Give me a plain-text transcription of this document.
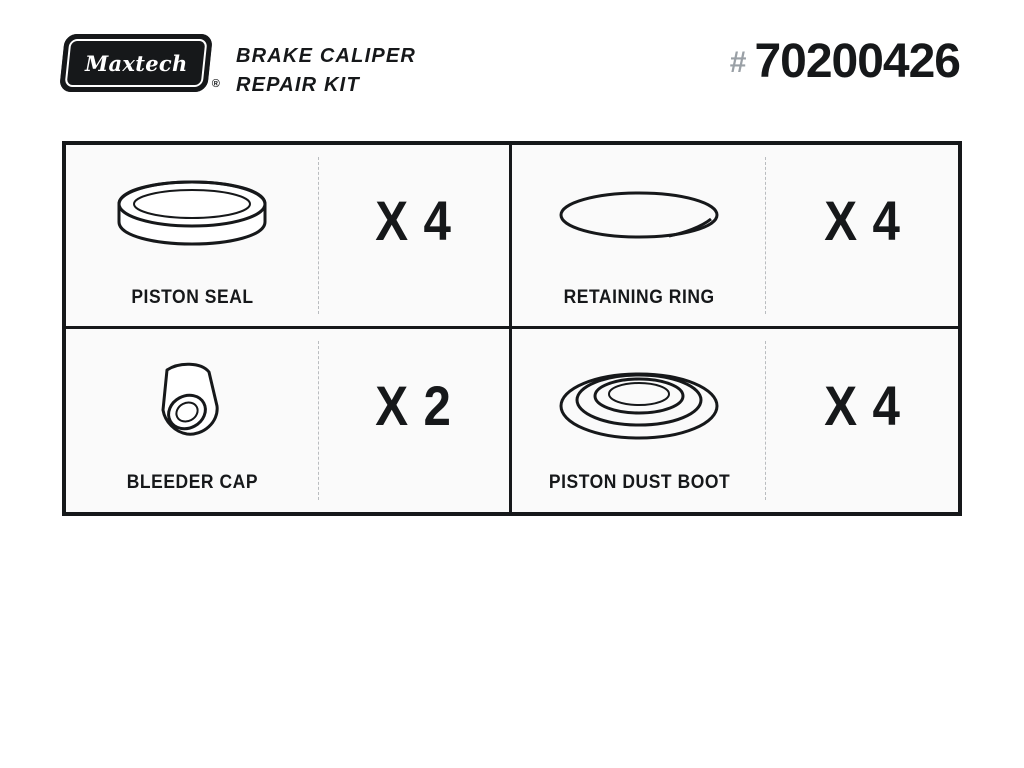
Maxtech
®
BRAKE CALIPER
REPAIR KIT
# 70200426
PISTON SEAL
X 4
RETAINING RING
X 4
BLEEDER CAP
X 2
PISTON DUST BOOT
X 4
